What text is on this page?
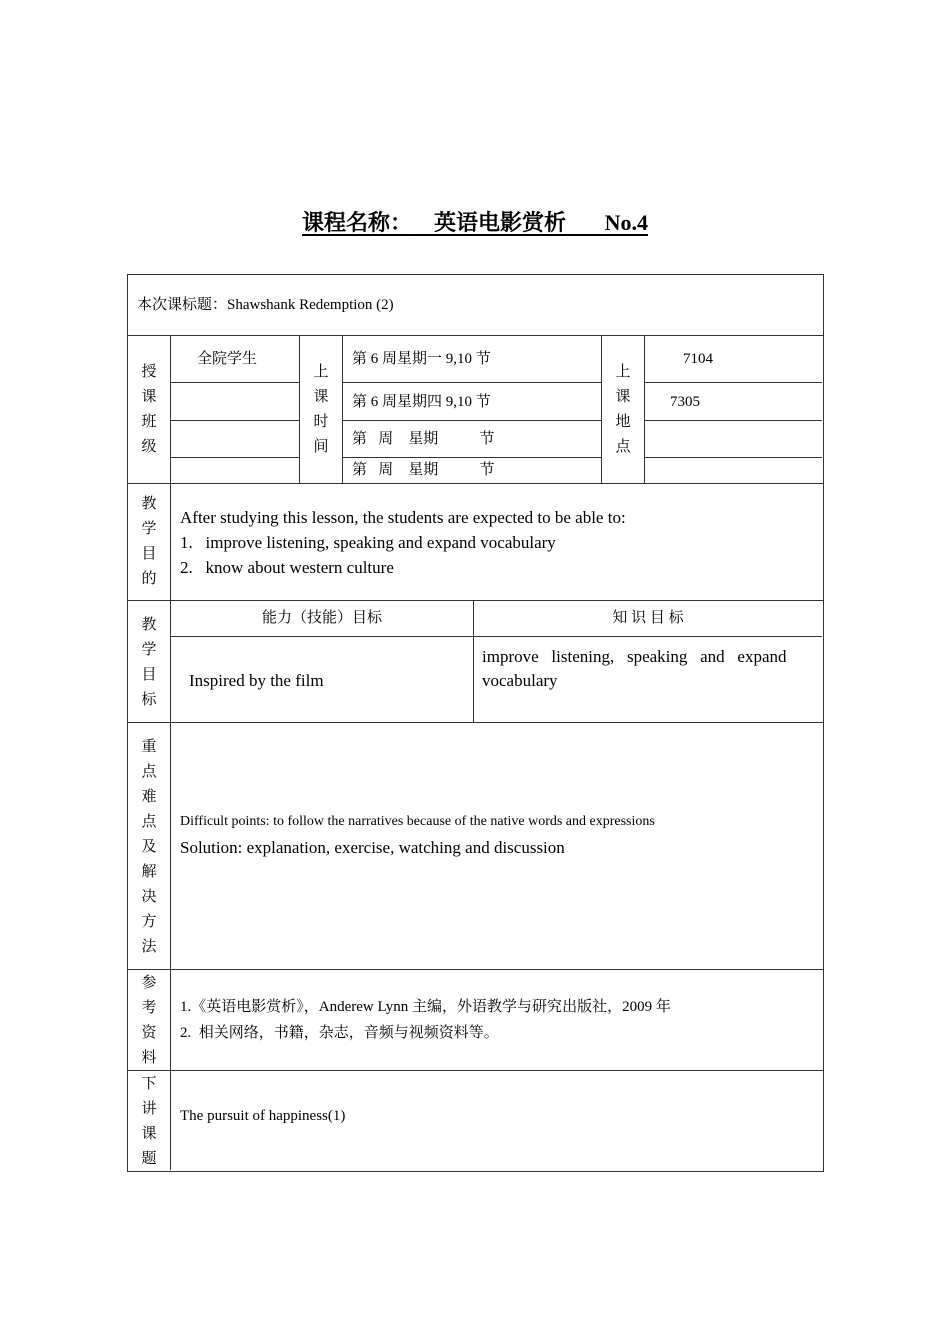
课程名称： 英语电影赏析 No.4
本次课标题：Shawshank Redemption (2)
授
课
班
级
上
课
时
间
上
课
地
点
全院学生	第 6 周星期一 9,10 节
第 6 周星期四 9,10 节
第   周    星期           节
第   周    星期           节
7104
7305
教
学
目
的
After studying this lesson, the students are expected to be able to:
1.   improve listening, speaking and expand vocabulary
2.   know about western culture
教
学
目
标
能力（技能）目标	知 识 目 标
Inspired by the film
improve   listening,   speaking   and   expand
vocabulary
重
点
难
点
及
解
决
方
法
Difficult points: to follow the narratives because of the native words and expressions
Solution: explanation, exercise, watching and discussion
参
考
资
料
1.《英语电影赏析》，Anderew Lynn 主编，外语教学与研究出版社，2009 年
2.  相关网络，书籍，杂志，音频与视频资料等。
下
讲
课
题
The pursuit of happiness(1)
